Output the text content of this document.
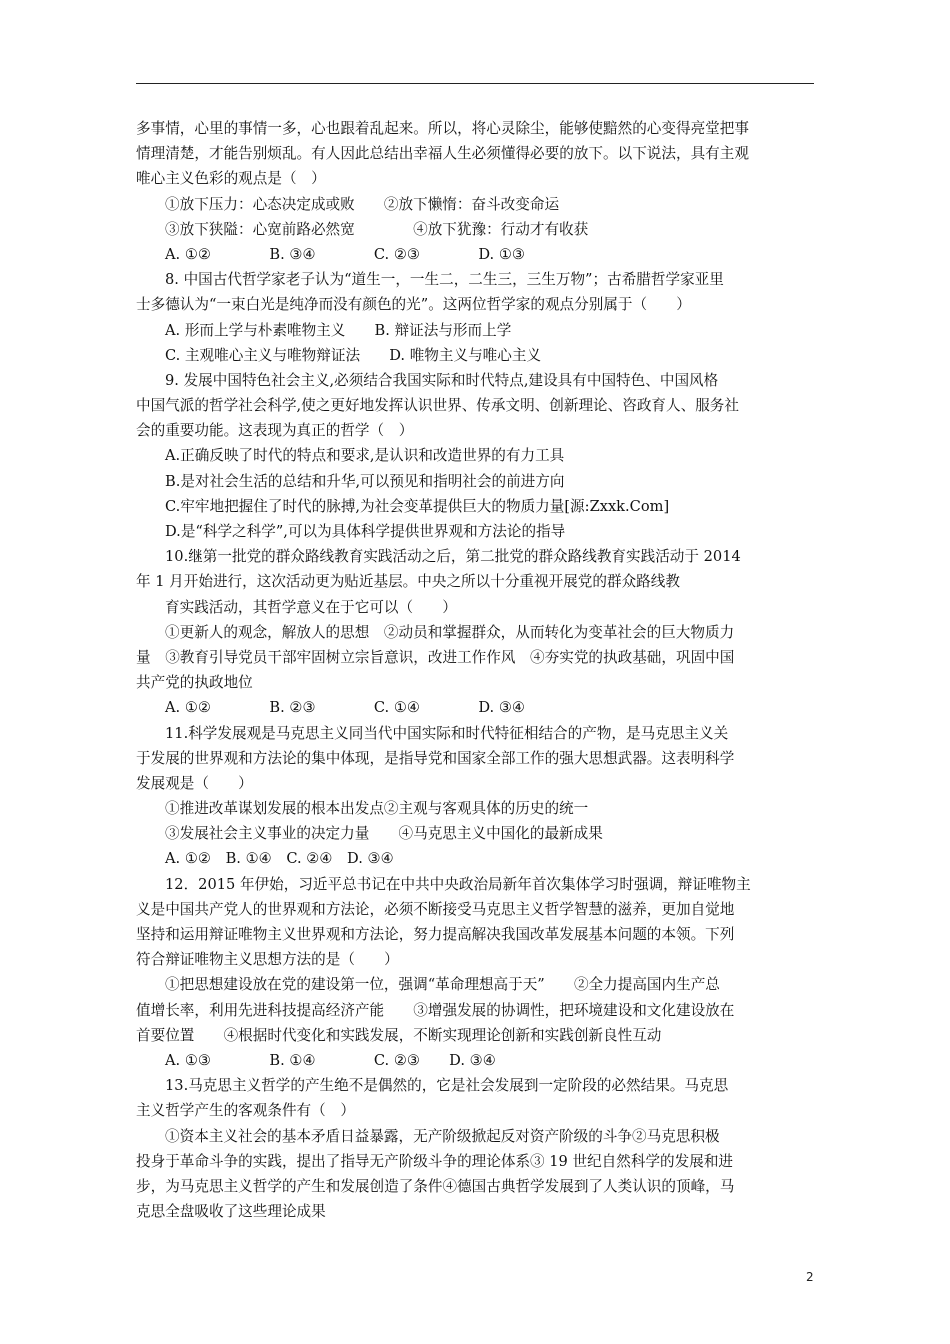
多事情，心里的事情一多，心也跟着乱起来。所以，将心灵除尘，能够使黯然的心变得亮堂把事
情理清楚，才能告别烦乱。有人因此总结出幸福人生必须懂得必要的放下。以下说法，具有主观
唯心主义色彩的观点是（　）
①放下压力：心态决定成或败　　②放下懒惰：奋斗改变命运
③放下狭隘：心宽前路必然宽　　　　④放下犹豫：行动才有收获
A. ①②　　　　B. ③④　　　　C. ②③　　　　D. ①③
8. 中国古代哲学家老子认为“道生一，一生二，二生三，三生万物”；古希腊哲学家亚里
士多德认为“一束白光是纯净而没有颜色的光”。这两位哲学家的观点分别属于（　　）
A. 形而上学与朴素唯物主义　　B. 辩证法与形而上学
C. 主观唯心主义与唯物辩证法　　D. 唯物主义与唯心主义
9. 发展中国特色社会主义,必须结合我国实际和时代特点,建设具有中国特色、中国风格
中国气派的哲学社会科学,使之更好地发挥认识世界、传承文明、创新理论、咨政育人、服务社
会的重要功能。这表现为真正的哲学（　）
A.正确反映了时代的特点和要求,是认识和改造世界的有力工具
B.是对社会生活的总结和升华,可以预见和指明社会的前进方向
C.牢牢地把握住了时代的脉搏,为社会变革提供巨大的物质力量[源:Zxxk.Com]
D.是“科学之科学”,可以为具体科学提供世界观和方法论的指导
10.继第一批党的群众路线教育实践活动之后，第二批党的群众路线教育实践活动于 2014
年 1 月开始进行，这次活动更为贴近基层。中央之所以十分重视开展党的群众路线教
育实践活动，其哲学意义在于它可以（　　）
①更新人的观念，解放人的思想　②动员和掌握群众，从而转化为变革社会的巨大物质力
量　③教育引导党员干部牢固树立宗旨意识，改进工作作风　④夯实党的执政基础，巩固中国
共产党的执政地位
A. ①②　　　　B. ②③　　　　C. ①④　　　　D. ③④
11.科学发展观是马克思主义同当代中国实际和时代特征相结合的产物，是马克思主义关
于发展的世界观和方法论的集中体现，是指导党和国家全部工作的强大思想武器。这表明科学
发展观是（　　）
①推进改革谋划发展的根本出发点②主观与客观具体的历史的统一
③发展社会主义事业的决定力量　　④马克思主义中国化的最新成果
A. ①②　B. ①④　C. ②④　D. ③④
12．2015 年伊始，习近平总书记在中共中央政治局新年首次集体学习时强调，辩证唯物主
义是中国共产党人的世界观和方法论，必须不断接受马克思主义哲学智慧的滋养，更加自觉地
坚持和运用辩证唯物主义世界观和方法论，努力提高解决我国改革发展基本问题的本领。下列
符合辩证唯物主义思想方法的是（　　）
①把思想建设放在党的建设第一位，强调“革命理想高于天”　　②全力提高国内生产总
值增长率，利用先进科技提高经济产能　　③增强发展的协调性，把环境建设和文化建设放在
首要位置　　④根据时代变化和实践发展，不断实现理论创新和实践创新良性互动
A. ①③　　　　B. ①④　　　　C. ②③　　D. ③④
13.马克思主义哲学的产生绝不是偶然的，它是社会发展到一定阶段的必然结果。马克思
主义哲学产生的客观条件有（　）
①资本主义社会的基本矛盾日益暴露，无产阶级掀起反对资产阶级的斗争②马克思积极
投身于革命斗争的实践，提出了指导无产阶级斗争的理论体系③ 19 世纪自然科学的发展和进
步，为马克思主义哲学的产生和发展创造了条件④德国古典哲学发展到了人类认识的顶峰，马
克思全盘吸收了这些理论成果
2
